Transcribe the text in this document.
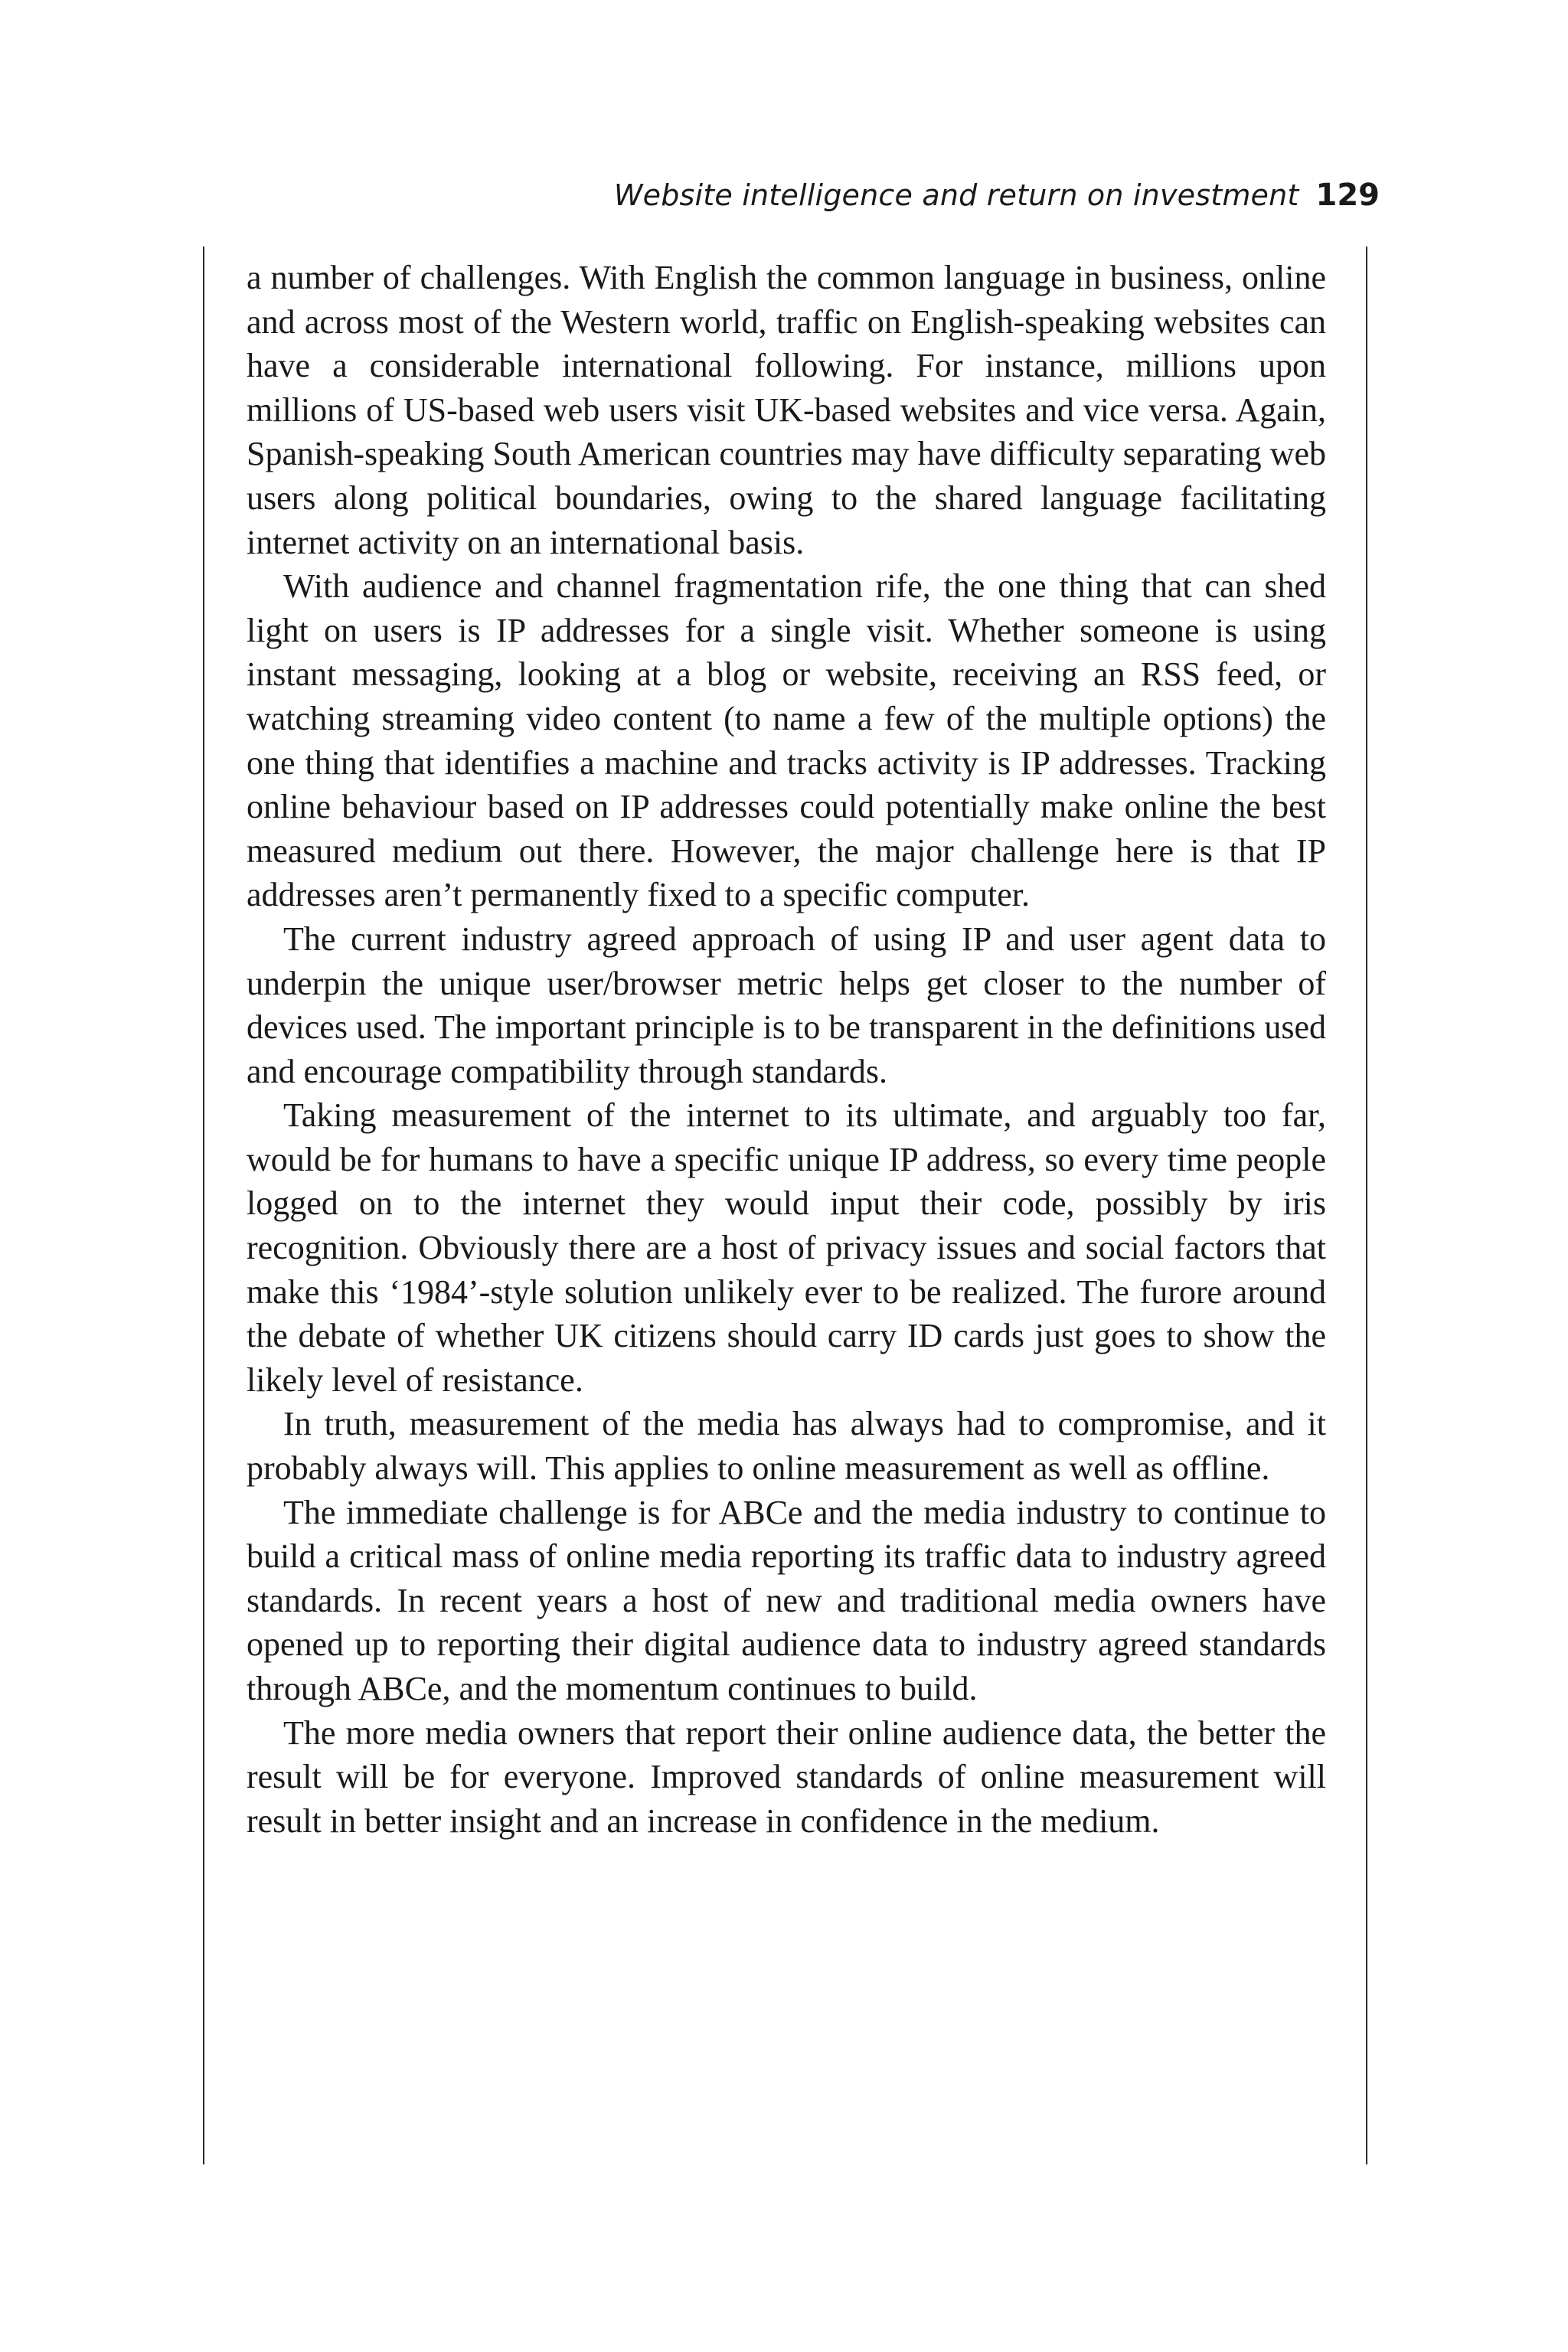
Website intelligence and return on investment 129

a number of challenges. With English the common language in business, online and across most of the Western world, traffic on English-speaking websites can have a considerable international following. For instance, millions upon millions of US-based web users visit UK-based websites and vice versa. Again, Spanish-speaking South American countries may have difficulty separating web users along political boundaries, owing to the shared language facilitating internet activity on an international basis.

With audience and channel fragmentation rife, the one thing that can shed light on users is IP addresses for a single visit. Whether someone is using instant messaging, looking at a blog or website, receiving an RSS feed, or watching streaming video content (to name a few of the multiple options) the one thing that identifies a machine and tracks activity is IP addresses. Tracking online behaviour based on IP addresses could potentially make online the best measured medium out there. However, the major challenge here is that IP addresses aren’t permanently fixed to a specific computer.

The current industry agreed approach of using IP and user agent data to underpin the unique user/browser metric helps get closer to the number of devices used. The important principle is to be transparent in the definitions used and encourage compatibility through standards.

Taking measurement of the internet to its ultimate, and arguably too far, would be for humans to have a specific unique IP address, so every time people logged on to the internet they would input their code, possibly by iris recognition. Obviously there are a host of privacy issues and social factors that make this ‘1984’-style solution unlikely ever to be realized. The furore around the debate of whether UK citizens should carry ID cards just goes to show the likely level of resistance.

In truth, measurement of the media has always had to compromise, and it probably always will. This applies to online measurement as well as offline.

The immediate challenge is for ABCe and the media industry to continue to build a critical mass of online media reporting its traffic data to industry agreed standards. In recent years a host of new and traditional media owners have opened up to reporting their digital audience data to industry agreed standards through ABCe, and the momentum continues to build.

The more media owners that report their online audience data, the better the result will be for everyone. Improved standards of online measurement will result in better insight and an increase in confidence in the medium.
